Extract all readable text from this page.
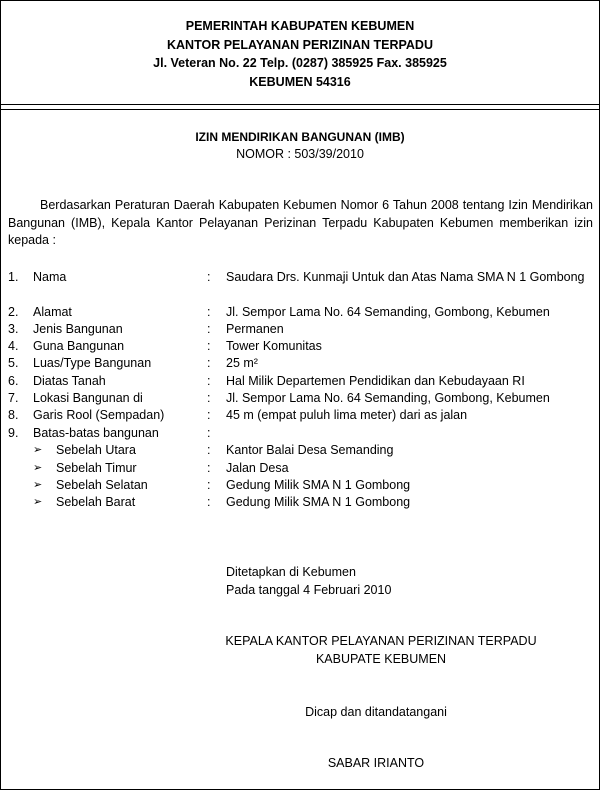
PEMERINTAH KABUPATEN KEBUMEN
KANTOR PELAYANAN PERIZINAN TERPADU
Jl. Veteran No. 22 Telp. (0287) 385925 Fax. 385925
KEBUMEN 54316
IZIN MENDIRIKAN BANGUNAN (IMB)
NOMOR : 503/39/2010
Berdasarkan Peraturan Daerah Kabupaten Kebumen Nomor 6 Tahun 2008 tentang Izin Mendirikan Bangunan (IMB), Kepala Kantor Pelayanan Perizinan Terpadu Kabupaten Kebumen memberikan izin kepada :
1.	Nama	: Saudara Drs. Kunmaji Untuk dan Atas Nama SMA N 1 Gombong
2.	Alamat	: Jl. Sempor Lama No. 64 Semanding, Gombong, Kebumen
3.	Jenis Bangunan	: Permanen
4.	Guna Bangunan	: Tower Komunitas
5.	Luas/Type Bangunan	: 25 m²
6.	Diatas Tanah	: Hal Milik Departemen Pendidikan dan Kebudayaan RI
7.	Lokasi Bangunan di	: Jl. Sempor Lama No. 64 Semanding, Gombong, Kebumen
8.	Garis Rool (Sempadan)	: 45 m (empat puluh lima meter) dari as jalan
9.	Batas-batas bangunan	:
➢ Sebelah Utara	: Kantor Balai Desa Semanding
➢ Sebelah Timur	: Jalan Desa
➢ Sebelah Selatan	: Gedung Milik SMA N 1 Gombong
➢ Sebelah Barat	: Gedung Milik SMA N 1 Gombong
Ditetapkan di Kebumen
Pada tanggal 4 Februari 2010
KEPALA KANTOR PELAYANAN PERIZINAN TERPADU
KABUPATE KEBUMEN
Dicap dan ditandatangani
SABAR IRIANTO
